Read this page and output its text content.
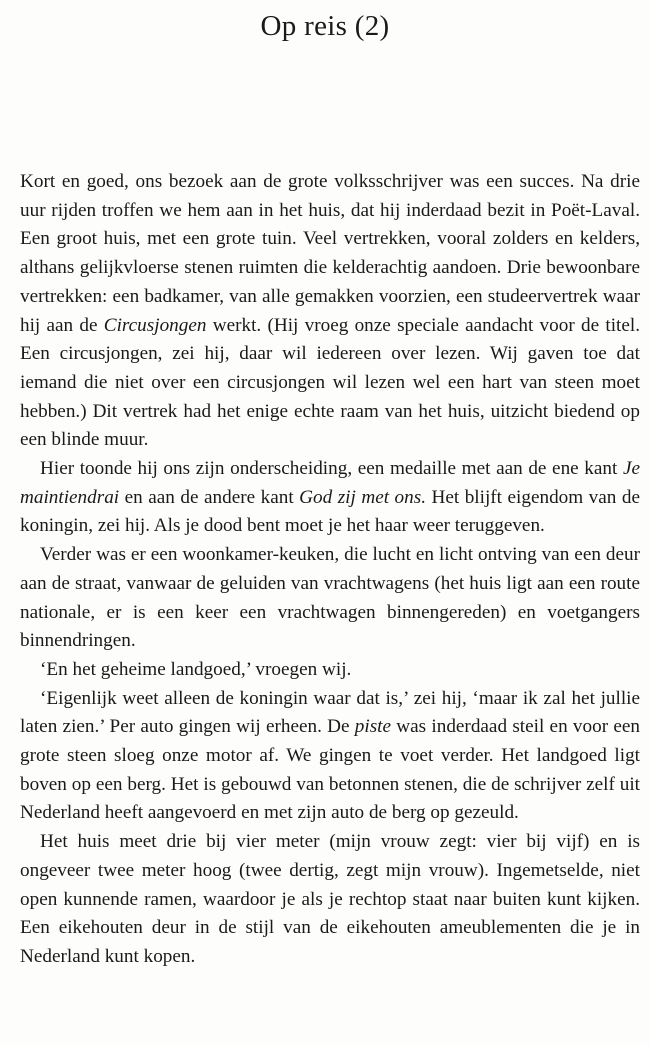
Op reis (2)

Kort en goed, ons bezoek aan de grote volksschrijver was een succes. Na drie uur rijden troffen we hem aan in het huis, dat hij inderdaad bezit in Poët-Laval. Een groot huis, met een grote tuin. Veel vertrekken, vooral zolders en kelders, althans gelijkvloerse stenen ruimten die kelderachtig aandoen. Drie bewoonbare vertrekken: een badkamer, van alle gemakken voorzien, een studeervertrek waar hij aan de Circusjongen werkt. (Hij vroeg onze speciale aandacht voor de titel. Een circusjongen, zei hij, daar wil iedereen over lezen. Wij gaven toe dat iemand die niet over een circusjongen wil lezen wel een hart van steen moet hebben.) Dit vertrek had het enige echte raam van het huis, uitzicht biedend op een blinde muur.

Hier toonde hij ons zijn onderscheiding, een medaille met aan de ene kant Je maintiendrai en aan de andere kant God zij met ons. Het blijft eigendom van de koningin, zei hij. Als je dood bent moet je het haar weer teruggeven.

Verder was er een woonkamer-keuken, die lucht en licht ontving van een deur aan de straat, vanwaar de geluiden van vrachtwagens (het huis ligt aan een route nationale, er is een keer een vrachtwagen binnengereden) en voetgangers binnendringen.

‘En het geheime landgoed,’ vroegen wij.

‘Eigenlijk weet alleen de koningin waar dat is,’ zei hij, ‘maar ik zal het jullie laten zien.’ Per auto gingen wij erheen. De piste was inderdaad steil en voor een grote steen sloeg onze motor af. We gingen te voet verder. Het landgoed ligt boven op een berg. Het is gebouwd van betonnen stenen, die de schrijver zelf uit Nederland heeft aangevoerd en met zijn auto de berg op gezeuld.

Het huis meet drie bij vier meter (mijn vrouw zegt: vier bij vijf) en is ongeveer twee meter hoog (twee dertig, zegt mijn vrouw). Ingemetselde, niet open kunnende ramen, waardoor je als je rechtop staat naar buiten kunt kijken. Een eikehouten deur in de stijl van de eikehouten ameublementen die je in Nederland kunt kopen.
